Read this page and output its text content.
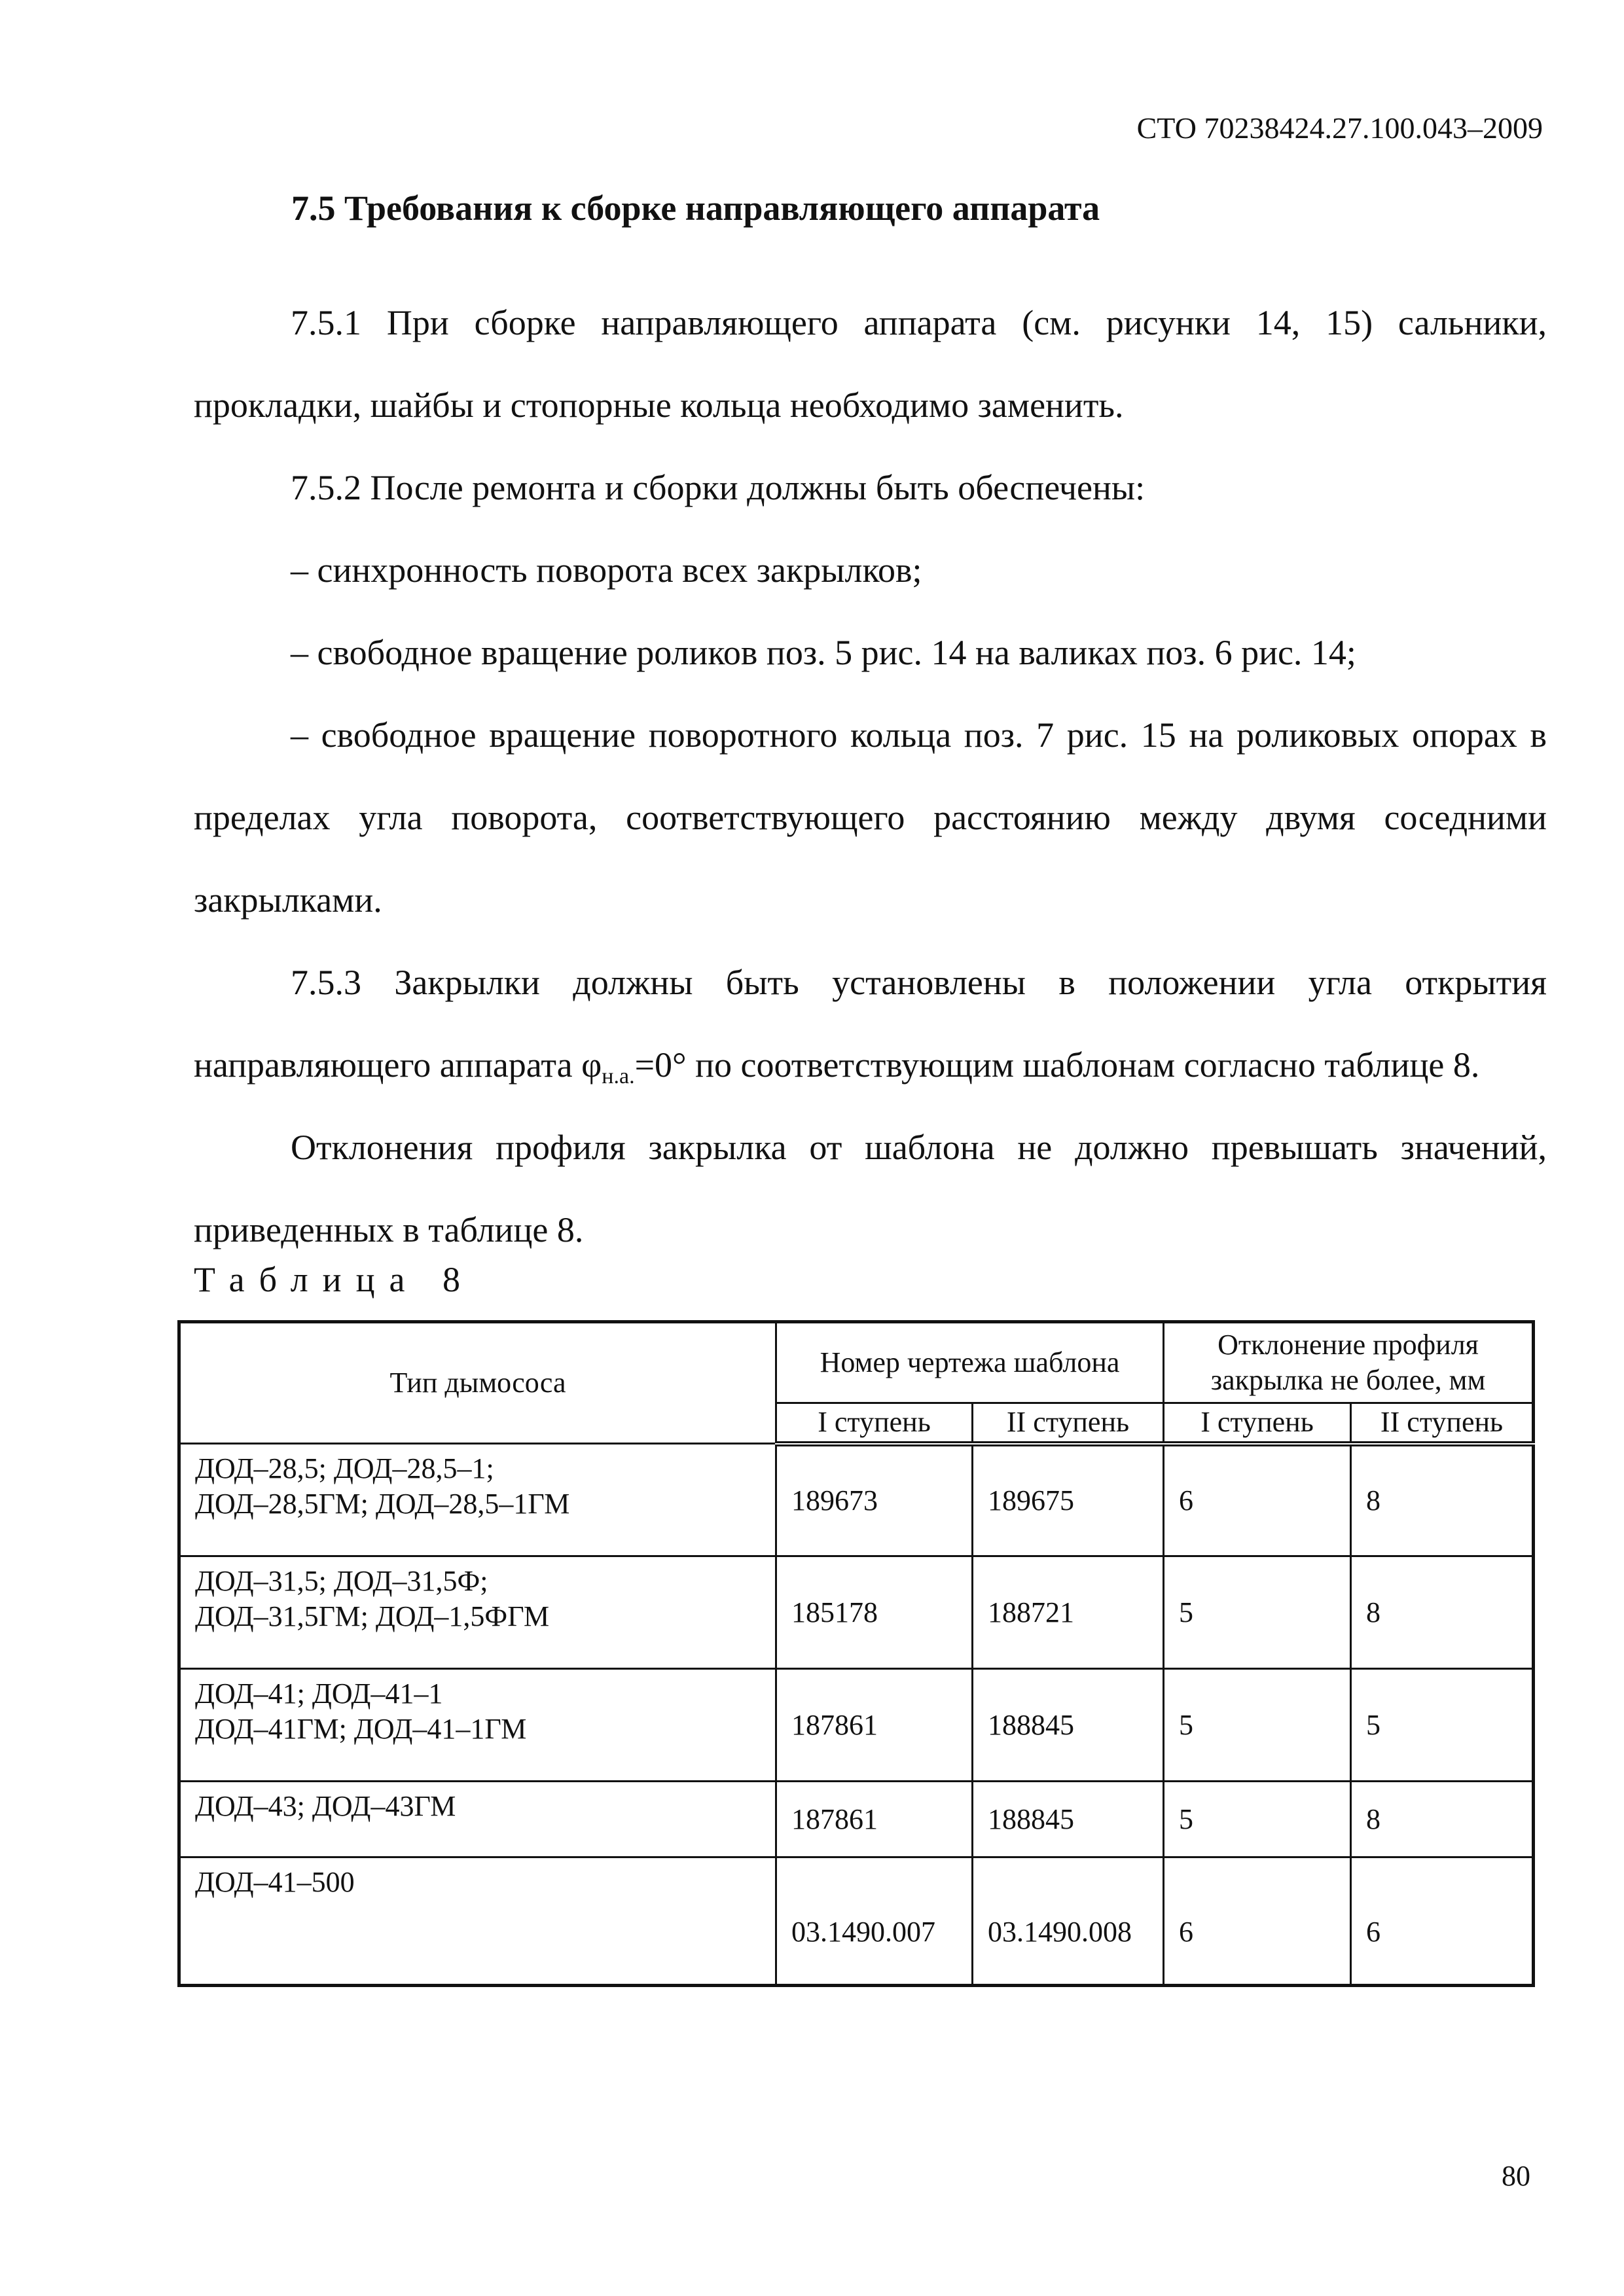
СТО 70238424.27.100.043–2009
7.5 Требования к сборке направляющего аппарата

7.5.1 При сборке направляющего аппарата (см. рисунки 14, 15) сальники, прокладки, шайбы и стопорные кольца необходимо заменить.

7.5.2 После ремонта и сборки должны быть обеспечены:

– синхронность поворота всех закрылков;

– свободное вращение роликов поз. 5 рис. 14 на валиках поз. 6 рис. 14;

– свободное вращение поворотного кольца поз. 7 рис. 15 на роликовых опорах в пределах угла поворота, соответствующего расстоянию между двумя соседними закрылками.

7.5.3 Закрылки должны быть установлены в положении угла открытия направляющего аппарата $\varphi_{н.а.}=0^\circ$ по соответствующим шаблонам согласно таблице 8.

Отклонения профиля закрылка от шаблона не должно превышать значений, приведенных в таблице 8.

Таблица 8
Тип дымососа	Номер чертежа шаблона		Отклонение профиля
закрылка не более, мм	

	I ступень	II ступень	I ступень	II ступень

ДОД–28,5; ДОД–28,5–1;
ДОД–28,5ГМ; ДОД–28,5–1ГМ	189673	189675	6	8

ДОД–31,5; ДОД–31,5Ф;
ДОД–31,5ГМ; ДОД–1,5ФГМ	185178	188721	5	8

ДОД–41; ДОД–41–1
ДОД–41ГМ; ДОД–41–1ГМ	187861	188845	5	5

ДОД–43; ДОД–43ГМ	187861	188845	5	8

ДОД–41–500	03.1490.007	03.1490.008	6	6
80
